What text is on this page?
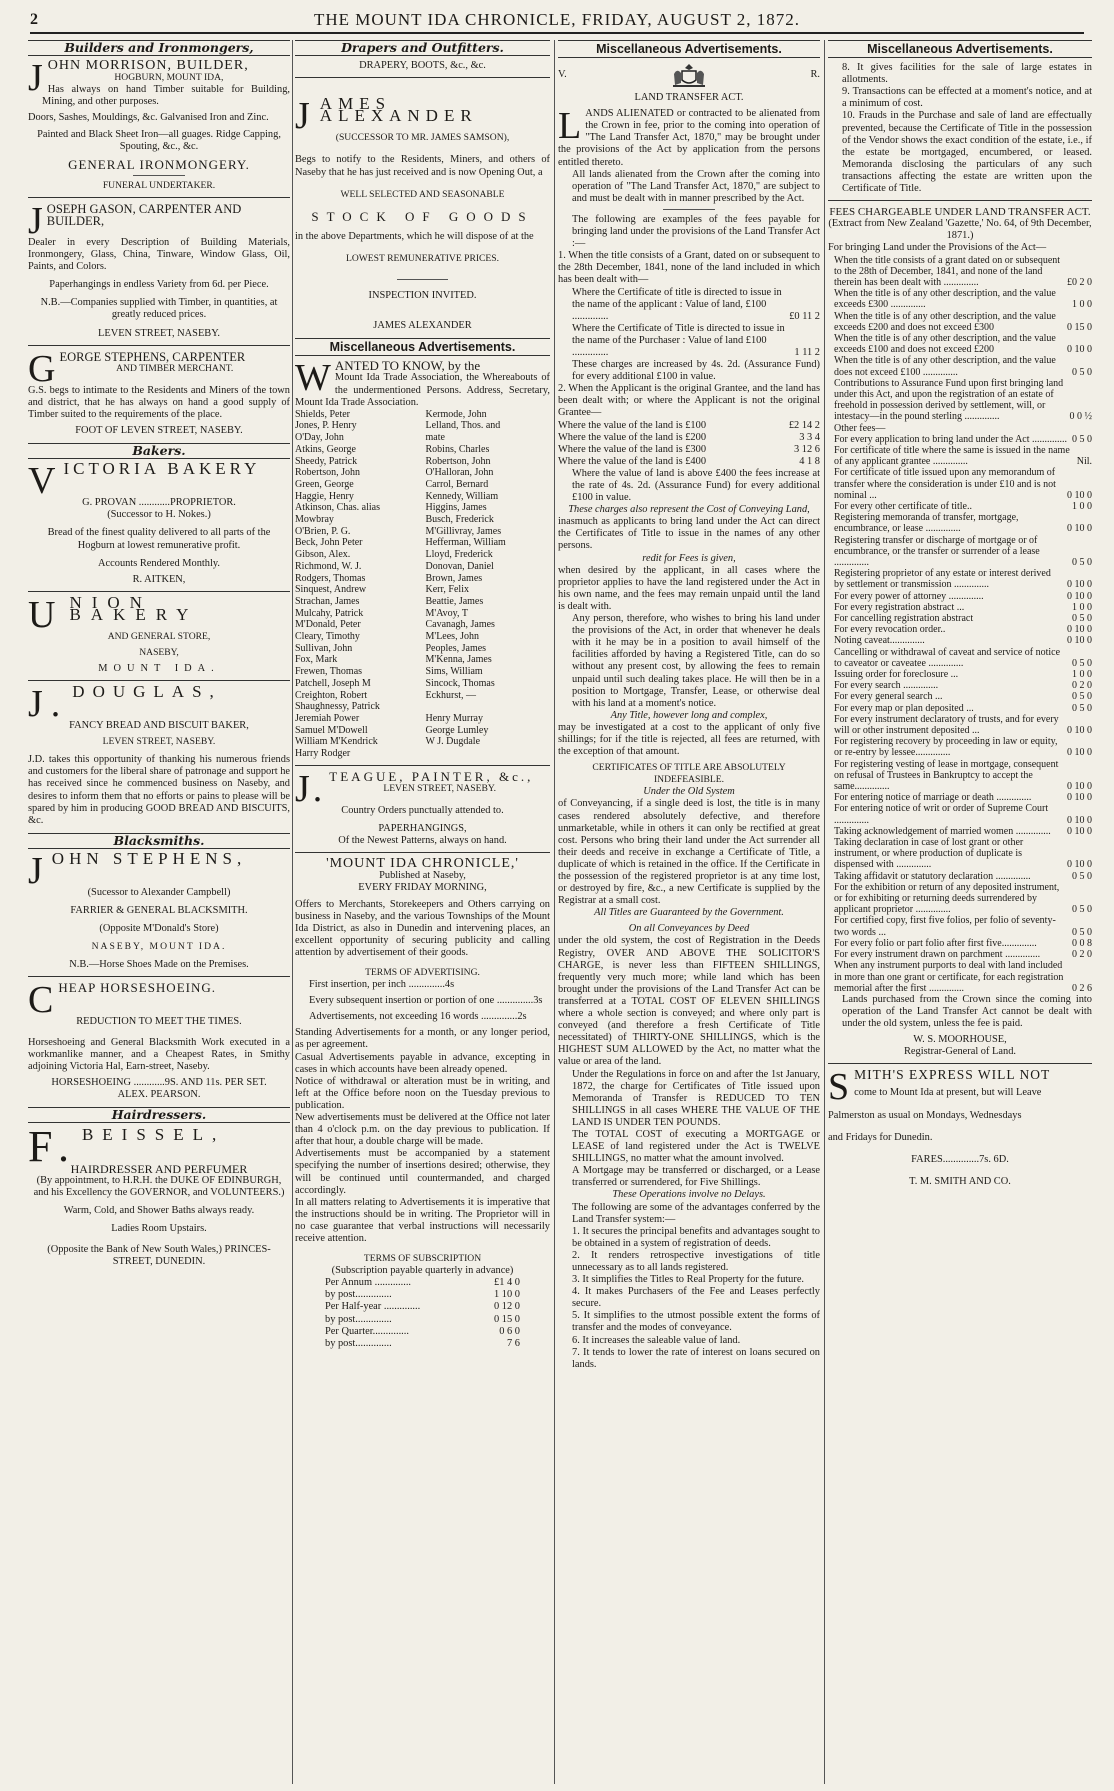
2	THE MOUNT IDA CHRONICLE, FRIDAY, AUGUST 2, 1872.
Builders and Ironmongers,

JOHN MORRISON, BUILDER,

HOGBURN, MOUNT IDA,

Has always on hand Timber suitable for Building, Mining, and other purposes.

Doors, Sashes, Mouldings, &c. Galvanised Iron and Zinc.

Painted and Black Sheet Iron—all guages. Ridge Capping, Spouting, &c., &c.

GENERAL IRONMONGERY.

FUNERAL UNDERTAKER.

JOSEPH GASON, CARPENTER AND BUILDER,

Dealer in every Description of Building Materials, Ironmongery, Glass, China, Tinware, Window Glass, Oil, Paints, and Colors.

Paperhangings in endless Variety from 6d. per Piece.

N.B.—Companies supplied with Timber, in quantities, at greatly reduced prices.

LEVEN STREET, NASEBY.

GEORGE STEPHENS, CARPENTER

AND TIMBER MERCHANT.

G.S. begs to intimate to the Residents and Miners of the town and district, that he has always on hand a good supply of Timber suited to the requirements of the place.

FOOT OF LEVEN STREET, NASEBY.

Bakers.

VICTORIA BAKERY

G. PROVAN ............PROPRIETOR.

(Successor to H. Nokes.)

Bread of the finest quality delivered to all parts of the Hogburn at lowest remunerative profit.

Accounts Rendered Monthly.

R. AITKEN,

UNION BAKERY

AND GENERAL STORE,

NASEBY,

MOUNT IDA.

J. DOUGLAS,

FANCY BREAD AND BISCUIT BAKER,

LEVEN STREET, NASEBY.

J.D. takes this opportunity of thanking his numerous friends and customers for the liberal share of patronage and support he has received since he commenced business on Naseby, and desires to inform them that no efforts or pains to please will be spared by him in producing GOOD BREAD AND BISCUITS, &c.

Blacksmiths.

JOHN STEPHENS,

(Sucessor to Alexander Campbell)

FARRIER & GENERAL BLACKSMITH.

(Opposite M'Donald's Store)

NASEBY, MOUNT IDA.

N.B.—Horse Shoes Made on the Premises.

CHEAP HORSESHOEING.

REDUCTION TO MEET THE TIMES.

Horseshoeing and General Blacksmith Work executed in a workmanlike manner, and a Cheapest Rates, in Smithy adjoining Victoria Hal, Earn-street, Naseby.

HORSESHOEING ............9S. AND 11s. PER SET.

ALEX. PEARSON.

Hairdressers.

F. BEISSEL,

HAIRDRESSER AND PERFUMER

(By appointment, to H.R.H. the DUKE OF EDINBURGH, and his Excellency the GOVERNOR, and VOLUNTEERS.)

Warm, Cold, and Shower Baths always ready.

Ladies Room Upstairs.

(Opposite the Bank of New South Wales,) PRINCES-STREET, DUNEDIN.

Drapers and Outfitters.

DRAPERY, BOOTS, &c., &c.

JAMES ALEXANDER

(SUCCESSOR TO MR. JAMES SAMSON),

Begs to notify to the Residents, Miners, and others of Naseby that he has just received and is now Opening Out, a

WELL SELECTED AND SEASONABLE

STOCK OF GOODS

in the above Departments, which he will dispose of at the

LOWEST REMUNERATIVE PRICES.

INSPECTION INVITED.

JAMES ALEXANDER

Miscellaneous Advertisements.

WANTED TO KNOW, by the

Mount Ida Trade Association, the Whereabouts of the undermentioned Persons. Address, Secretary, Mount Ida Trade Association.

Shields, Peter	Kermode, John
Jones, P. Henry	Lelland, Thos. and
O'Day, John	mate
Atkins, George	Robins, Charles
Sheedy, Patrick	Robertson, John
Robertson, John	O'Halloran, John
Green, George	Carrol, Bernard
Haggie, Henry	Kennedy, William
Atkinson, Chas. alias	Higgins, James
Mowbray	Busch, Frederick
O'Brien, P. G.	M'Gillivray, James
Beck, John Peter	Hefferman, William
Gibson, Alex.	Lloyd, Frederick
Richmond, W. J.	Donovan, Daniel
Rodgers, Thomas	Brown, James
Sinquest, Andrew	Kerr, Felix
Strachan, James	Beattie, James
Mulcahy, Patrick	M'Avoy, T
M'Donald, Peter	Cavanagh, James
Cleary, Timothy	M'Lees, John
Sullivan, John	Peoples, James
Fox, Mark	M'Kenna, James
Frewen, Thomas	Sims, William
Patchell, Joseph M	Sincock, Thomas
Creighton, Robert	Eckhurst, —
Shaughnessy, Patrick
Jeremiah Power	Henry Murray
Samuel M'Dowell	George Lumley
William M'Kendrick	W J. Dugdale
Harry Rodger

J. TEAGUE, PAINTER, &c.,

LEVEN STREET, NASEBY.

Country Orders punctually attended to.

PAPERHANGINGS,

Of the Newest Patterns, always on hand.

'MOUNT IDA CHRONICLE,'

Published at Naseby,

EVERY FRIDAY MORNING,

Offers to Merchants, Storekeepers and Others carrying on business in Naseby, and the various Townships of the Mount Ida District, as also in Dunedin and intervening places, an excellent opportunity of securing publicity and calling attention by advertisement of their goods.

TERMS OF ADVERTISING.

First insertion, per inch ..............4s

Every subsequent insertion or portion of one ..............3s

Advertisements, not exceeding 16 words ..............2s

Standing Advertisements for a month, or any longer period, as per agreement.

Casual Advertisements payable in advance, excepting in cases in which accounts have been already opened.

Notice of withdrawal or alteration must be in writing, and left at the Office before noon on the Tuesday previous to publication.

New advertisements must be delivered at the Office not later than 4 o'clock p.m. on the day previous to publication. If after that hour, a double charge will be made.

Advertisements must be accompanied by a statement specifying the number of insertions desired; otherwise, they will be continued until countermanded, and charged accordingly.

In all matters relating to Advertisements it is imperative that the instructions should be in writing. The Proprietor will in no case guarantee that verbal instructions will necessarily receive attention.

TERMS OF SUBSCRIPTION

(Subscription payable quarterly in advance)

Per Annum ..............	£1 4 0
by post..............	1 10 0
Per Half-year ..............	0 12 0
by post..............	0 15 0
Per Quarter..............	0 6 0
by post..............	7 6
Miscellaneous Advertisements.
V.	R.

LAND TRANSFER ACT.

LANDS ALIENATED or contracted to be alienated from the Crown in fee, prior to the coming into operation of "The Land Transfer Act, 1870," may be brought under the provisions of the Act by application from the persons entitled thereto.

All lands alienated from the Crown after the coming into operation of "The Land Transfer Act, 1870," are subject to and must be dealt with in manner prescribed by the Act.

The following are examples of the fees payable for bringing land under the provisions of the Land Transfer Act :—

1. When the title consists of a Grant, dated on or subsequent to the 28th December, 1841, none of the land included in which has been dealt with—

Where the Certificate of title is directed to issue in the name of the applicant : Value of land, £100 ..............	£0 11 2
Where the Certificate of Title is directed to issue in the name of the Purchaser : Value of land £100 ..............	1 11 2

These charges are increased by 4s. 2d. (Assurance Fund) for every additional £100 in value.

2. When the Applicant is the original Grantee, and the land has been dealt with; or where the Applicant is not the original Grantee—

Where the value of the land is £100	£2 14 2
Where the value of the land is £200	3 3 4
Where the value of the land is £300	3 12 6
Where the value of the land is £400	4 1 8

Where the value of land is above £400 the fees increase at the rate of 4s. 2d. (Assurance Fund) for every additional £100 in value.

These charges also represent the Cost of Conveying Land,

inasmuch as applicants to bring land under the Act can direct the Certificates of Title to issue in the names of any other persons.

redit for Fees is given,

when desired by the applicant, in all cases where the proprietor applies to have the land registered under the Act in his own name, and the fees may remain unpaid until the land is dealt with.

Any person, therefore, who wishes to bring his land under the provisions of the Act, in order that whenever he deals with it he may be in a position to avail himself of the facilities afforded by having a Registered Title, can do so without any present cost, by allowing the fees to remain unpaid until such dealing takes place. He will then be in a position to Mortgage, Transfer, Lease, or otherwise deal with his land at a moment's notice.

Any Title, however long and complex,

may be investigated at a cost to the applicant of only five shillings; for if the title is rejected, all fees are returned, with the exception of that amount.

CERTIFICATES OF TITLE ARE ABSOLUTELY INDEFEASIBLE.

Under the Old System

of Conveyancing, if a single deed is lost, the title is in many cases rendered absolutely defective, and therefore unmarketable, while in others it can only be rectified at great cost. Persons who bring their land under the Act surrender all their deeds and receive in exchange a Certificate of Title, a duplicate of which is retained in the office. If the Certificate in the possession of the registered proprietor is at any time lost, or destroyed by fire, &c., a new Certificate is supplied by the Registrar at a small cost.

All Titles are Guaranteed by the Government.

On all Conveyances by Deed

under the old system, the cost of Registration in the Deeds Registry, OVER AND ABOVE THE SOLICITOR'S CHARGE, is never less than FIFTEEN SHILLINGS, frequently very much more; while land which has been brought under the provisions of the Land Transfer Act can be transferred at a TOTAL COST OF ELEVEN SHILLINGS where a whole section is conveyed; and where only part is conveyed (and therefore a fresh Certificate of Title necessitated) of THIRTY-ONE SHILLINGS, which is the HIGHEST SUM ALLOWED by the Act, no matter what the value or area of the land.

Under the Regulations in force on and after the 1st January, 1872, the charge for Certificates of Title issued upon Memoranda of Transfer is REDUCED TO TEN SHILLINGS in all cases WHERE THE VALUE OF THE LAND IS UNDER TEN POUNDS.

The TOTAL COST of executing a MORTGAGE or LEASE of land registered under the Act is TWELVE SHILLINGS, no matter what the amount involved.

A Mortgage may be transferred or discharged, or a Lease transferred or surrendered, for Five Shillings.

These Operations involve no Delays.

The following are some of the advantages conferred by the Land Transfer system:—

1. It secures the principal benefits and advantages sought to be obtained in a system of registration of deeds.

2. It renders retrospective investigations of title unnecessary as to all lands registered.

3. It simplifies the Titles to Real Property for the future.

4. It makes Purchasers of the Fee and Leases perfectly secure.

5. It simplifies to the utmost possible extent the forms of transfer and the modes of conveyance.

6. It increases the saleable value of land.

7. It tends to lower the rate of interest on loans secured on lands.

Miscellaneous Advertisements.

8. It gives facilities for the sale of large estates in allotments.

9. Transactions can be effected at a moment's notice, and at a minimum of cost.

10. Frauds in the Purchase and sale of land are effectually prevented, because the Certificate of Title in the possession of the Vendor shows the exact condition of the estate, i.e., if the estate be mortgaged, encumbered, or leased. Memoranda disclosing the particulars of any such transactions affecting the estate are written upon the Certificate of Title.

FEES CHARGEABLE UNDER LAND TRANSFER ACT.

(Extract from New Zealand 'Gazette,' No. 64, of 9th December, 1871.)

For bringing Land under the Provisions of the Act—

When the title consists of a grant dated on or subsequent to the 28th of December, 1841, and none of the land therein has been dealt with ..............	£0 2 0
When the title is of any other description, and the value exceeds £300 ..............	1 0 0
When the title is of any other description, and the value exceeds £200 and does not exceed £300	0 15 0
When the title is of any other description, and the value exceeds £100 and does not exceed £200	0 10 0
When the title is of any other description, and the value does not exceed £100 ..............	0 5 0
Contributions to Assurance Fund upon first bringing land under this Act, and upon the registration of an estate of freehold in possession derived by settlement, will, or intestacy—in the pound sterling ..............	0 0 ½
Other fees—
For every application to bring land under the Act .............. 0 5 0
For certificate of title where the same is issued in the name of any applicant grantee ..............	Nil.
For certificate of title issued upon any memorandum of transfer where the consideration is under £10 and is not nominal ...	0 10 0
For every other certificate of title..	1 0 0
Registering memoranda of transfer, mortgage, encumbrance, or lease ..............	0 10 0
Registering transfer or discharge of mortgage or of encumbrance, or the transfer or surrender of a lease ..............	0 5 0
Registering proprietor of any estate or interest derived by settlement or transmission ..............	0 10 0
For every power of attorney ..............	0 10 0
For every registration abstract ...	1 0 0
For cancelling registration abstract	0 5 0
For every revocation order..	0 10 0
Noting caveat..............	0 10 0
Cancelling or withdrawal of caveat and service of notice to caveator or caveatee ..............	0 5 0
Issuing order for foreclosure ...	1 0 0
For every search ..............	0 2 0
For every general search ...	0 5 0
For every map or plan deposited ...	0 5 0
For every instrument declaratory of trusts, and for every will or other instrument deposited ...	0 10 0
For registering recovery by proceeding in law or equity, or re-entry by lessee..............	0 10 0
For registering vesting of lease in mortgage, consequent on refusal of Trustees in Bankruptcy to accept the same..............	0 10 0
For entering notice of marriage or death ..............	0 10 0
For entering notice of writ or order of Supreme Court ..............	0 10 0
Taking acknowledgement of married women ..............	0 10 0
Taking declaration in case of lost grant or other instrument, or where production of duplicate is dispensed with ..............	0 10 0
Taking affidavit or statutory declaration ..............	0 5 0
For the exhibition or return of any deposited instrument, or for exhibiting or returning deeds surrendered by applicant proprietor ..............	0 5 0
For certified copy, first five folios, per folio of seventy-two words ...	0 5 0
For every folio or part folio after first five..............	0 0 8
For every instrument drawn on parchment ..............	0 2 0
When any instrument purports to deal with land included in more than one grant or certificate, for each registration memorial after the first ..............	0 2 6

Lands purchased from the Crown since the coming into operation of the Land Transfer Act cannot be dealt with under the old system, unless the fee is paid.

W. S. MOORHOUSE,

Registrar-General of Land.

SMITH'S EXPRESS WILL NOT

come to Mount Ida at present, but will Leave

Palmerston as usual on Mondays, Wednesdays

and Fridays for Dunedin.

FARES..............7s. 6D.

T. M. SMITH AND CO.
